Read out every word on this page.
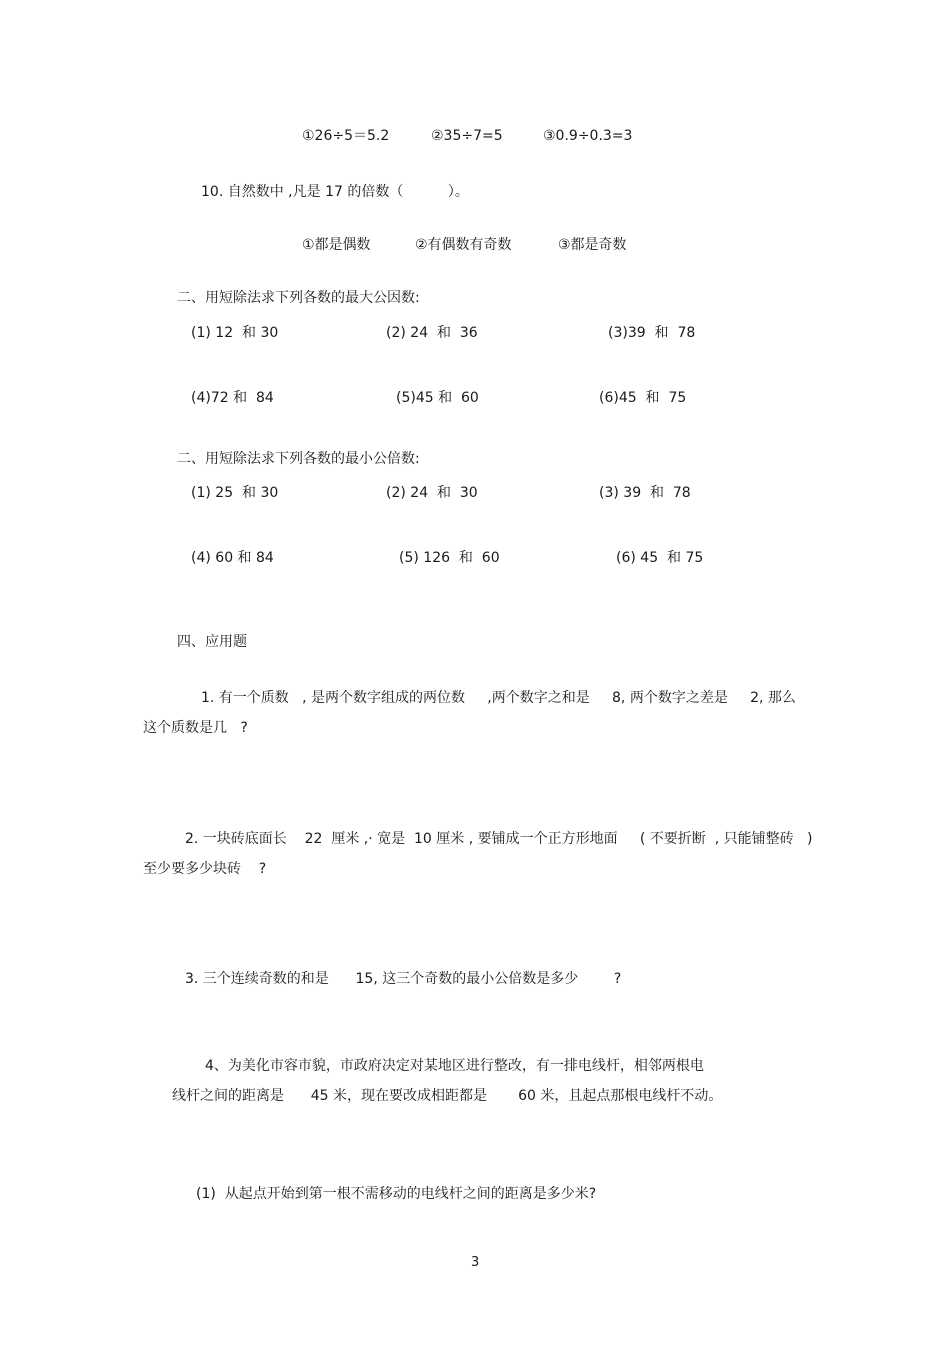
①26÷5＝5.2	②35÷7=5	③0.9÷0.3=3
10. 自然数中 ,凡是 17 的倍数（          ）。
①都是偶数	②有偶数有奇数	③都是奇数
二、用短除法求下列各数的最大公因数:
(1) 12  和 30	(2) 24  和  36	(3)39  和  78
(4)72 和  84	(5)45 和  60	(6)45  和  75
二、用短除法求下列各数的最小公倍数:
(1) 25  和 30	(2) 24  和  30	(3) 39  和  78
(4) 60 和 84	(5) 126  和  60	(6) 45  和 75
四、应用题
1. 有一个质数   , 是两个数字组成的两位数     ,两个数字之和是     8, 两个数字之差是     2, 那么
这个质数是几   ?
2. 一块砖底面长    22  厘米 ,· 宽是  10 厘米 , 要铺成一个正方形地面     ( 不要折断  , 只能铺整砖   )
至少要多少块砖    ?
3. 三个连续奇数的和是      15, 这三个奇数的最小公倍数是多少        ?
4、为美化市容市貌，市政府决定对某地区进行整改，有一排电线杆，相邻两根电
线杆之间的距离是      45 米，现在要改成相距都是       60 米，且起点那根电线杆不动。
(1)  从起点开始到第一根不需移动的电线杆之间的距离是多少米?
3
